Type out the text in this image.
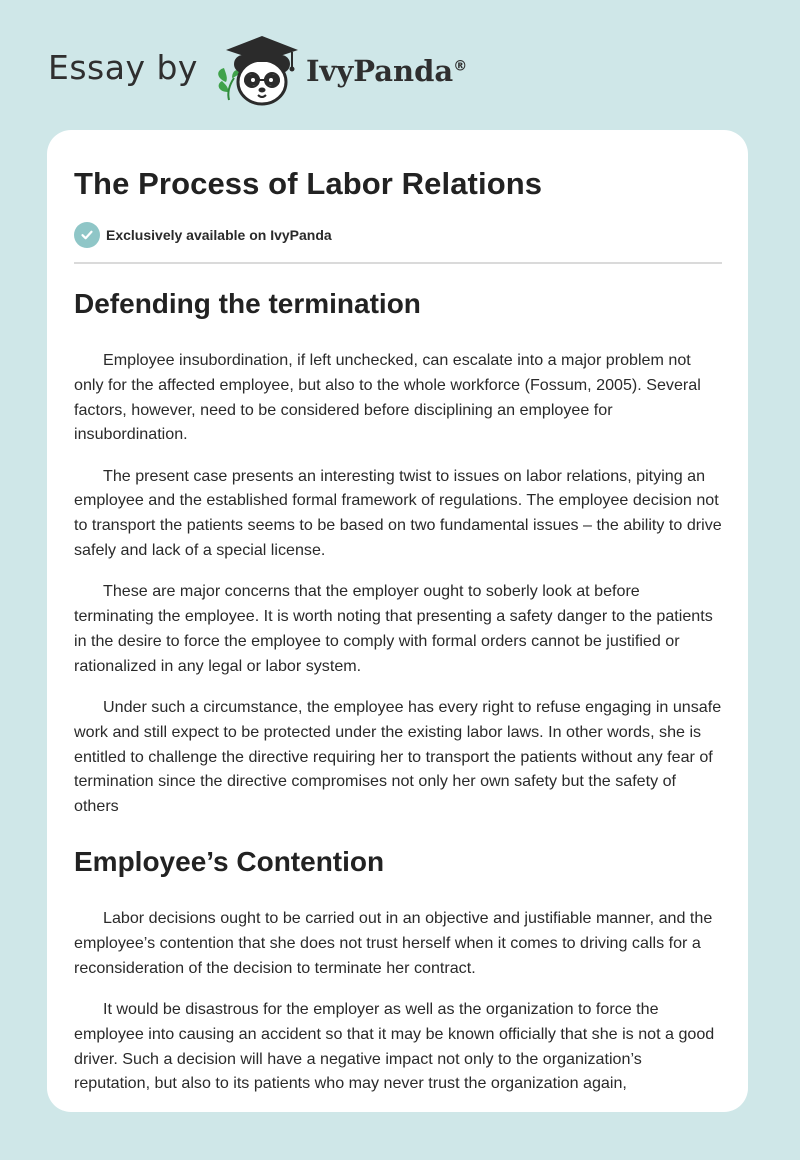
Essay by	IvyPanda®
The Process of Labor Relations
Exclusively available on IvyPanda
Defending the termination

Employee insubordination, if left unchecked, can escalate into a major problem not only for the affected employee, but also to the whole workforce (Fossum, 2005). Several factors, however, need to be considered before disciplining an employee for insubordination.

The present case presents an interesting twist to issues on labor relations, pitying an employee and the established formal framework of regulations. The employee decision not to transport the patients seems to be based on two fundamental issues – the ability to drive safely and lack of a special license.

These are major concerns that the employer ought to soberly look at before terminating the employee. It is worth noting that presenting a safety danger to the patients in the desire to force the employee to comply with formal orders cannot be justified or rationalized in any legal or labor system.

Under such a circumstance, the employee has every right to refuse engaging in unsafe work and still expect to be protected under the existing labor laws. In other words, she is entitled to challenge the directive requiring her to transport the patients without any fear of termination since the directive compromises not only her own safety but the safety of others

Employee’s Contention

Labor decisions ought to be carried out in an objective and justifiable manner, and the employee’s contention that she does not trust herself when it comes to driving calls for a reconsideration of the decision to terminate her contract.

It would be disastrous for the employer as well as the organization to force the employee into causing an accident so that it may be known officially that she is not a good driver. Such a decision will have a negative impact not only to the organization’s reputation, but also to its patients who may never trust the organization again,
